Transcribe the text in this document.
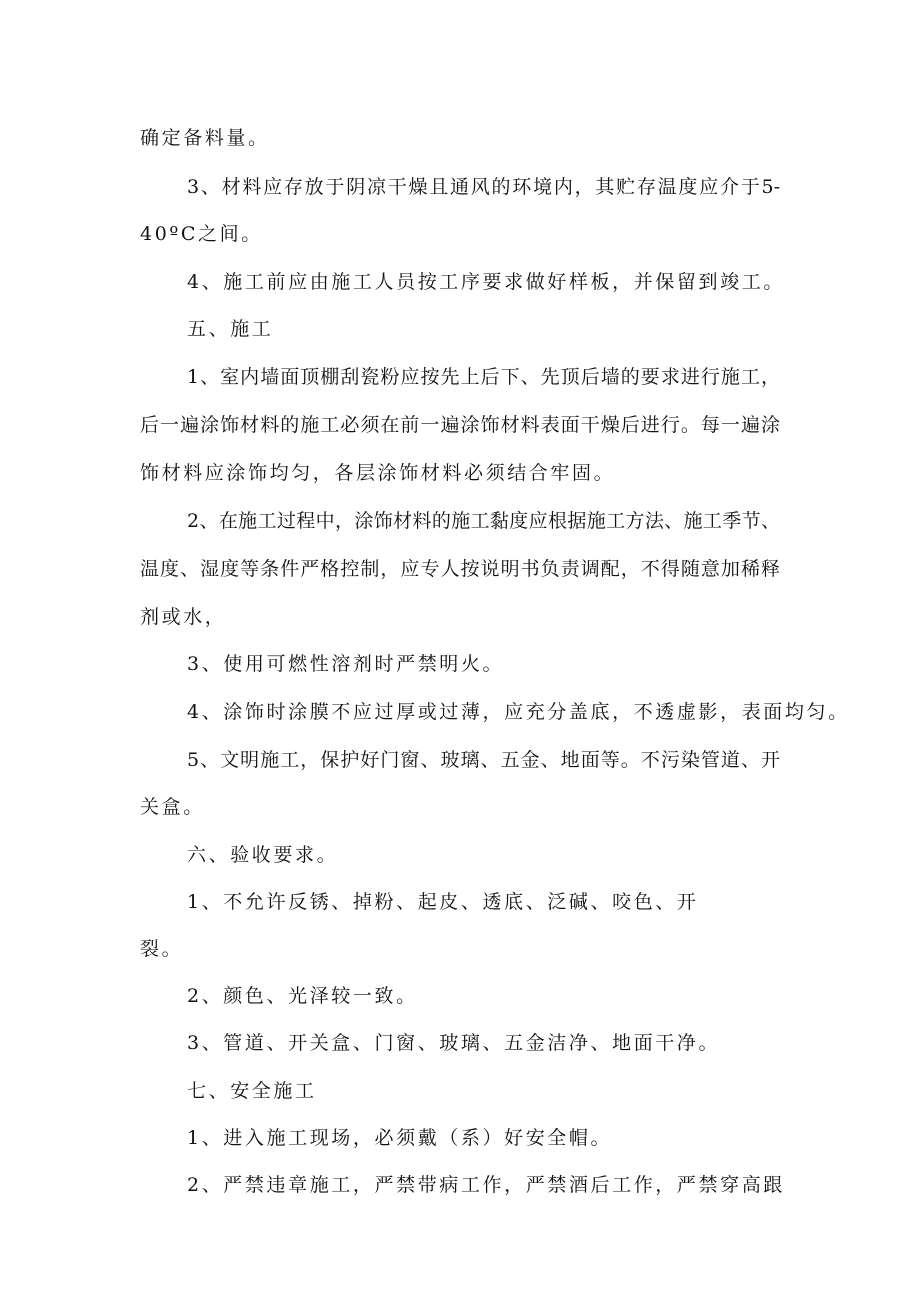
确定备料量。
3、材料应存放于阴凉干燥且通风的环境内，其贮存温度应介于5-
40ºC之间。
4、施工前应由施工人员按工序要求做好样板，并保留到竣工。
五、施工
1、室内墙面顶棚刮瓷粉应按先上后下、先顶后墙的要求进行施工，
后一遍涂饰材料的施工必须在前一遍涂饰材料表面干燥后进行。每一遍涂
饰材料应涂饰均匀，各层涂饰材料必须结合牢固。
2、在施工过程中，涂饰材料的施工黏度应根据施工方法、施工季节、
温度、湿度等条件严格控制，应专人按说明书负责调配，不得随意加稀释
剂或水，
3、使用可燃性溶剂时严禁明火。
4、涂饰时涂膜不应过厚或过薄，应充分盖底，不透虚影，表面均匀。
5、文明施工，保护好门窗、玻璃、五金、地面等。不污染管道、开
关盒。
六、验收要求。
1、不允许反锈、掉粉、起皮、透底、泛碱、咬色、开
裂。
2、颜色、光泽较一致。
3、管道、开关盒、门窗、玻璃、五金洁净、地面干净。
七、安全施工
1、进入施工现场，必须戴（系）好安全帽。
2、严禁违章施工，严禁带病工作，严禁酒后工作，严禁穿高跟
